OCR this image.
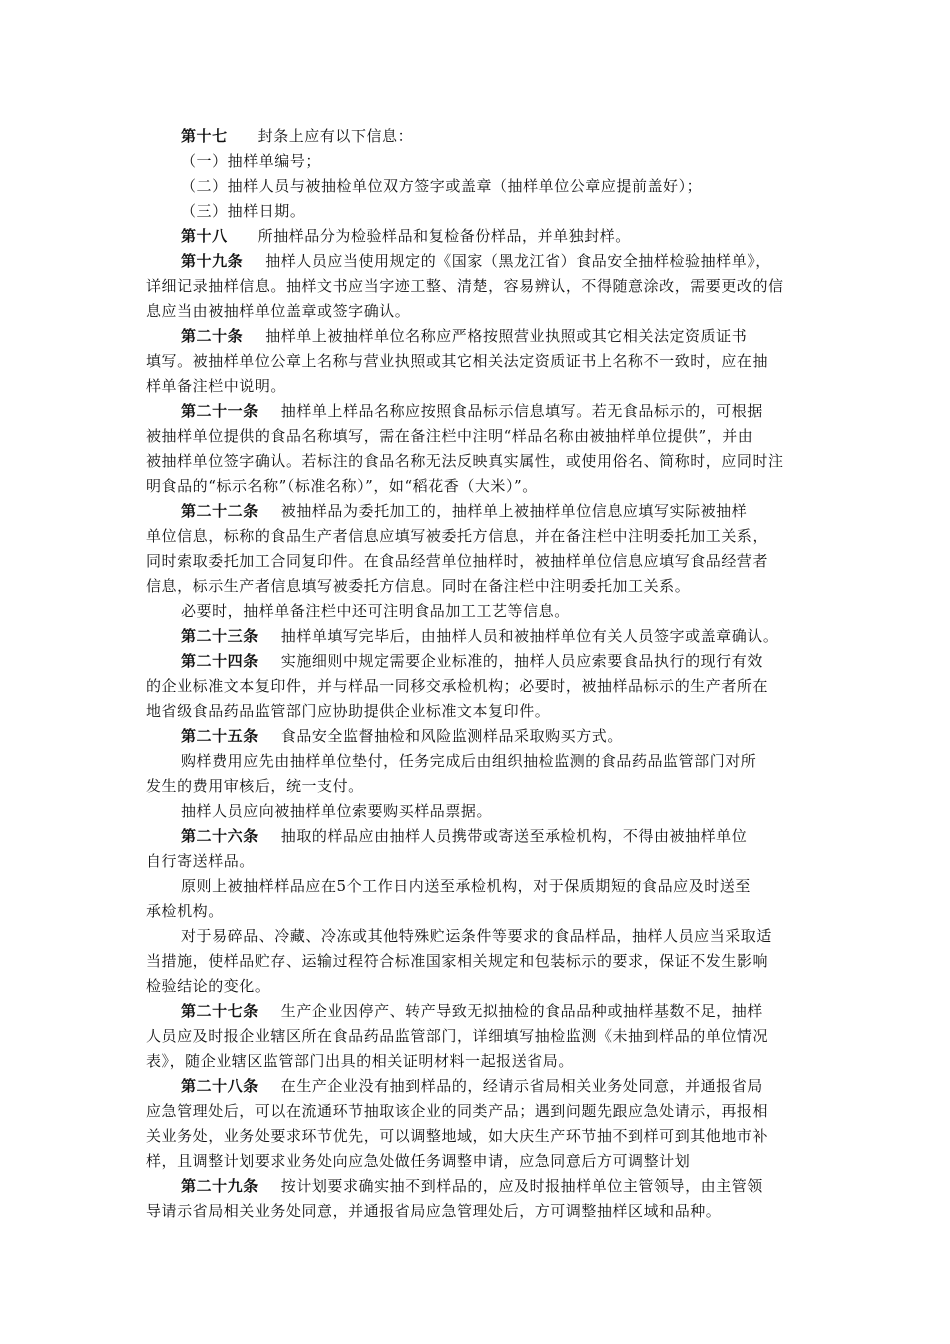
第十七 封条上应有以下信息：
（一）抽样单编号；
（二）抽样人员与被抽检单位双方签字或盖章（抽样单位公章应提前盖好）；
（三）抽样日期。
第十八 所抽样品分为检验样品和复检备份样品，并单独封样。
第十九条 抽样人员应当使用规定的《国家（黑龙江省）食品安全抽样检验抽样单》，
详细记录抽样信息。抽样文书应当字迹工整、清楚，容易辨认，不得随意涂改，需要更改的信
息应当由被抽样单位盖章或签字确认。
第二十条 抽样单上被抽样单位名称应严格按照营业执照或其它相关法定资质证书
填写。被抽样单位公章上名称与营业执照或其它相关法定资质证书上名称不一致时，应在抽
样单备注栏中说明。
第二十一条 抽样单上样品名称应按照食品标示信息填写。若无食品标示的，可根据
被抽样单位提供的食品名称填写，需在备注栏中注明“样品名称由被抽样单位提供”，并由
被抽样单位签字确认。若标注的食品名称无法反映真实属性，或使用俗名、简称时，应同时注
明食品的“标示名称”（标准名称）”，如“稻花香（大米）”。
第二十二条 被抽样品为委托加工的，抽样单上被抽样单位信息应填写实际被抽样
单位信息，标称的食品生产者信息应填写被委托方信息，并在备注栏中注明委托加工关系，
同时索取委托加工合同复印件。在食品经营单位抽样时，被抽样单位信息应填写食品经营者
信息，标示生产者信息填写被委托方信息。同时在备注栏中注明委托加工关系。
必要时，抽样单备注栏中还可注明食品加工工艺等信息。
第二十三条 抽样单填写完毕后，由抽样人员和被抽样单位有关人员签字或盖章确认。
第二十四条 实施细则中规定需要企业标准的，抽样人员应索要食品执行的现行有效
的企业标准文本复印件，并与样品一同移交承检机构；必要时，被抽样品标示的生产者所在
地省级食品药品监管部门应协助提供企业标准文本复印件。
第二十五条 食品安全监督抽检和风险监测样品采取购买方式。
购样费用应先由抽样单位垫付，任务完成后由组织抽检监测的食品药品监管部门对所
发生的费用审核后，统一支付。
抽样人员应向被抽样单位索要购买样品票据。
第二十六条 抽取的样品应由抽样人员携带或寄送至承检机构，不得由被抽样单位
自行寄送样品。
原则上被抽样样品应在5个工作日内送至承检机构，对于保质期短的食品应及时送至
承检机构。
对于易碎品、冷藏、冷冻或其他特殊贮运条件等要求的食品样品，抽样人员应当采取适
当措施，使样品贮存、运输过程符合标准国家相关规定和包装标示的要求，保证不发生影响
检验结论的变化。
第二十七条 生产企业因停产、转产导致无拟抽检的食品品种或抽样基数不足，抽样
人员应及时报企业辖区所在食品药品监管部门，详细填写抽检监测《未抽到样品的单位情况
表》，随企业辖区监管部门出具的相关证明材料一起报送省局。
第二十八条 在生产企业没有抽到样品的，经请示省局相关业务处同意，并通报省局
应急管理处后，可以在流通环节抽取该企业的同类产品；遇到问题先跟应急处请示，再报相
关业务处，业务处要求环节优先，可以调整地域，如大庆生产环节抽不到样可到其他地市补
样，且调整计划要求业务处向应急处做任务调整申请，应急同意后方可调整计划
第二十九条 按计划要求确实抽不到样品的，应及时报抽样单位主管领导，由主管领
导请示省局相关业务处同意，并通报省局应急管理处后，方可调整抽样区域和品种。
